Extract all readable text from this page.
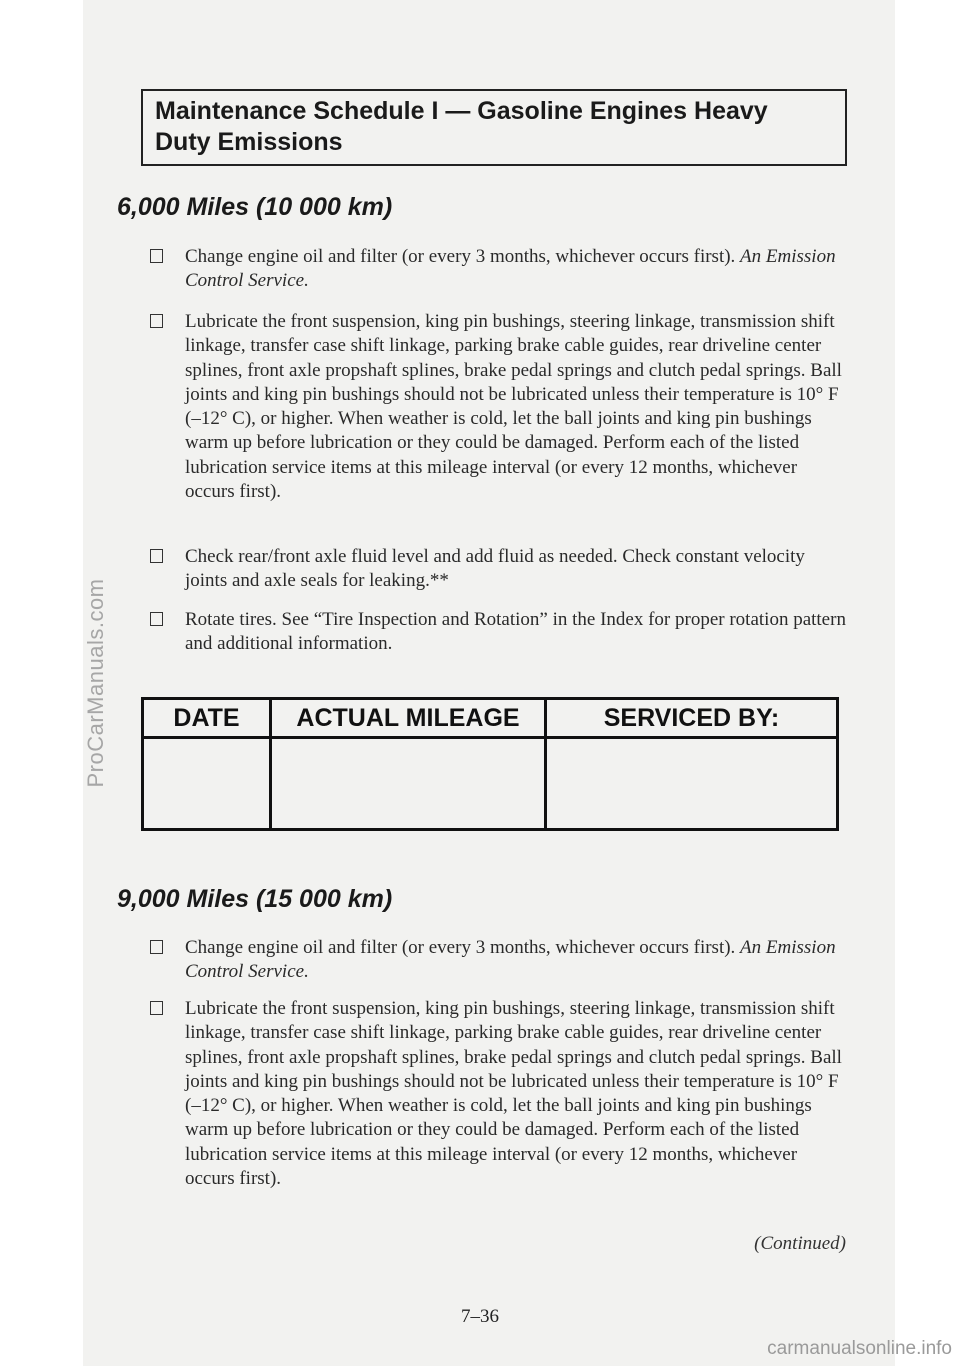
ProCarManuals.com

Maintenance Schedule I — Gasoline Engines Heavy

Duty Emissions

6,000 Miles (10 000 km)
Change engine oil and filter (or every 3 months, whichever occurs first). An Emission Control Service.
Lubricate the front suspension, king pin bushings, steering linkage, transmission shift linkage, transfer case shift linkage, parking brake cable guides, rear driveline center splines, front axle propshaft splines, brake pedal springs and clutch pedal springs. Ball joints and king pin bushings should not be lubricated unless their temperature is 10° F (–12° C), or higher. When weather is cold, let the ball joints and king pin bushings warm up before lubrication or they could be damaged. Perform each of the listed lubrication service items at this mileage interval (or every 12 months, whichever occurs first).
Check rear/front axle fluid level and add fluid as needed. Check constant velocity joints and axle seals for leaking.**
Rotate tires. See “Tire Inspection and Rotation” in the Index for proper rotation pattern and additional information.
DATE	ACTUAL MILEAGE	SERVICED BY:

9,000 Miles (15 000 km)
Change engine oil and filter (or every 3 months, whichever occurs first). An Emission Control Service.
Lubricate the front suspension, king pin bushings, steering linkage, transmission shift linkage, transfer case shift linkage, parking brake cable guides, rear driveline center splines, front axle propshaft splines, brake pedal springs and clutch pedal springs. Ball joints and king pin bushings should not be lubricated unless their temperature is 10° F (–12° C), or higher. When weather is cold, let the ball joints and king pin bushings warm up before lubrication or they could be damaged. Perform each of the listed lubrication service items at this mileage interval (or every 12 months, whichever occurs first).
(Continued)
7–36
carmanualsonline.info
